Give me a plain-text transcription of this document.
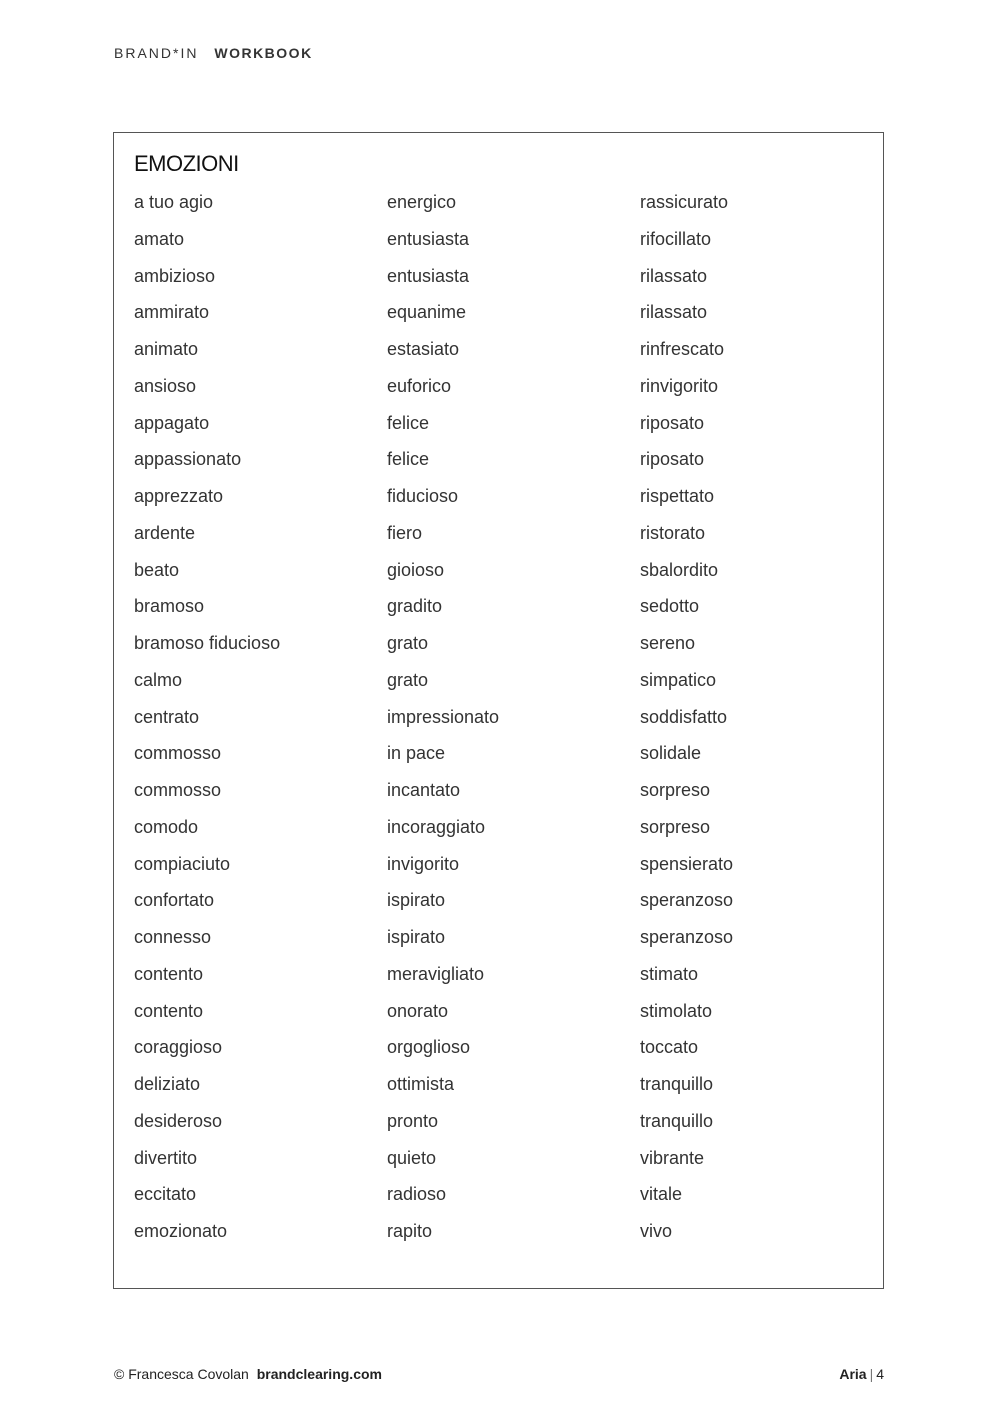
BRAND*IN WORKBOOK
EMOZIONI
a tuo agio
amato
ambizioso
ammirato
animato
ansioso
appagato
appassionato
apprezzato
ardente
beato
bramoso
bramoso fiducioso
calmo
centrato
commosso
commosso
comodo
compiaciuto
confortato
connesso
contento
contento
coraggioso
deliziato
desideroso
divertito
eccitato
emozionato
energico
entusiasta
entusiasta
equanime
estasiato
euforico
felice
felice
fiducioso
fiero
gioioso
gradito
grato
grato
impressionato
in pace
incantato
incoraggiato
invigorito
ispirato
ispirato
meravigliato
onorato
orgoglioso
ottimista
pronto
quieto
radioso
rapito
rassicurato
rifocillato
rilassato
rilassato
rinfrescato
rinvigorito
riposato
riposato
rispettato
ristorato
sbalordito
sedotto
sereno
simpatico
soddisfatto
solidale
sorpreso
sorpreso
spensierato
speranzoso
speranzoso
stimato
stimolato
toccato
tranquillo
tranquillo
vibrante
vitale
vivo
© Francesca Covolan brandclearing.com	Aria | 4
